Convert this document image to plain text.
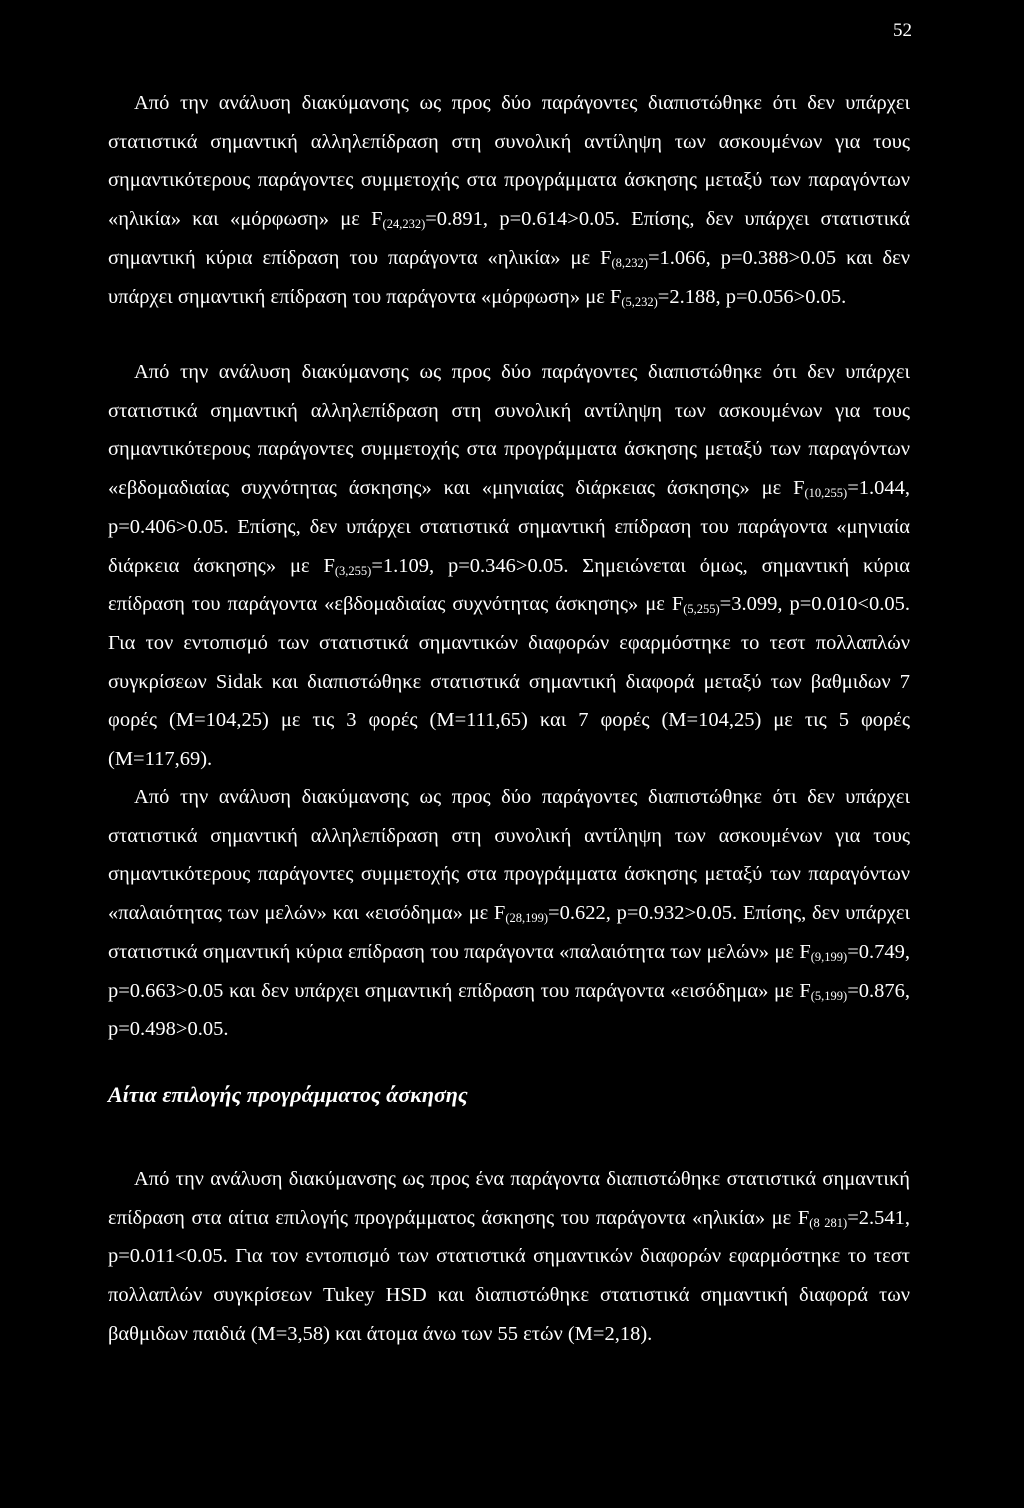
52

Από την ανάλυση διακύμανσης ως προς δύο παράγοντες διαπιστώθηκε ότι δεν υπάρχει στατιστικά σημαντική αλληλεπίδραση στη συνολική αντίληψη των ασκουμένων για τους σημαντικότερους παράγοντες συμμετοχής στα προγράμματα άσκησης μεταξύ των παραγόντων «ηλικία» και «μόρφωση» με $F_{(24,232)}=0.891$, p=0.614>0.05. Επίσης, δεν υπάρχει στατιστικά σημαντική κύρια επίδραση του παράγοντα «ηλικία» με $F_{(8,232)}=1.066$, p=0.388>0.05 και δεν υπάρχει σημαντική επίδραση του παράγοντα «μόρφωση» με $F_{(5,232)}=2.188$, p=0.056>0.05.

Από την ανάλυση διακύμανσης ως προς δύο παράγοντες διαπιστώθηκε ότι δεν υπάρχει στατιστικά σημαντική αλληλεπίδραση στη συνολική αντίληψη των ασκουμένων για τους σημαντικότερους παράγοντες συμμετοχής στα προγράμματα άσκησης μεταξύ των παραγόντων «εβδομαδιαίας συχνότητας άσκησης» και «μηνιαίας διάρκειας άσκησης» με $F_{(10,255)}=1.044$, p=0.406>0.05. Επίσης, δεν υπάρχει στατιστικά σημαντική επίδραση του παράγοντα «μηνιαία διάρκεια άσκησης» με $F_{(3,255)}=1.109$, p=0.346>0.05. Σημειώνεται όμως, σημαντική κύρια επίδραση του παράγοντα «εβδομαδιαίας συχνότητας άσκησης» με $F_{(5,255)}=3.099$, p=0.010<0.05. Για τον εντοπισμό των στατιστικά σημαντικών διαφορών εφαρμόστηκε το τεστ πολλαπλών συγκρίσεων Sidak και διαπιστώθηκε στατιστικά σημαντική διαφορά μεταξύ των βαθμιδων 7 φορές (M=104,25) με τις 3 φορές (M=111,65) και 7 φορές (M=104,25) με τις 5 φορές (M=117,69).

Από την ανάλυση διακύμανσης ως προς δύο παράγοντες διαπιστώθηκε ότι δεν υπάρχει στατιστικά σημαντική αλληλεπίδραση στη συνολική αντίληψη των ασκουμένων για τους σημαντικότερους παράγοντες συμμετοχής στα προγράμματα άσκησης μεταξύ των παραγόντων «παλαιότητας των μελών» και «εισόδημα» με $F_{(28,199)}=0.622$, p=0.932>0.05. Επίσης, δεν υπάρχει στατιστικά σημαντική κύρια επίδραση του παράγοντα «παλαιότητα των μελών» με $F_{(9,199)}=0.749$, p=0.663>0.05 και δεν υπάρχει σημαντική επίδραση του παράγοντα «εισόδημα» με $F_{(5,199)}=0.876$, p=0.498>0.05.

Αίτια επιλογής προγράμματος άσκησης

Από την ανάλυση διακύμανσης ως προς ένα παράγοντα διαπιστώθηκε στατιστικά σημαντική επίδραση στα αίτια επιλογής προγράμματος άσκησης του παράγοντα «ηλικία» με $F_{(8 281)}=2.541$, p=0.011<0.05. Για τον εντοπισμό των στατιστικά σημαντικών διαφορών εφαρμόστηκε το τεστ πολλαπλών συγκρίσεων Tukey HSD και διαπιστώθηκε στατιστικά σημαντική διαφορά των βαθμιδων παιδιά (M=3,58) και άτομα άνω των 55 ετών (M=2,18).
